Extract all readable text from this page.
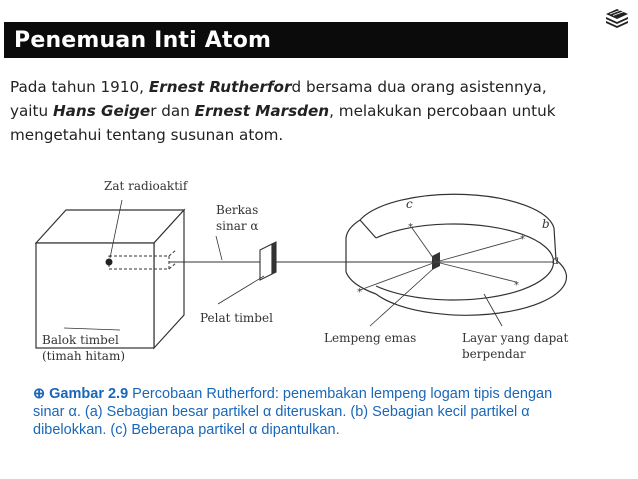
Penemuan Inti Atom
Pada tahun 1910, Ernest Rutherford bersama dua orang asistennya, yaitu Hans Geiger dan Ernest Marsden, melakukan percobaan untuk mengetahui tentang susunan atom.
*
*
*
*
Zat radioaktif
Berkas
sinar α
Pelat timbel
Lempeng emas	Layar yang dapat
berpendar
Balok timbel
(timah hitam)
c
b
a
⊕ Gambar 2.9 Percobaan Rutherford: penembakan lempeng logam tipis dengan sinar α. (a) Sebagian besar partikel α diteruskan. (b) Sebagian kecil partikel α dibelokkan. (c) Beberapa partikel α dipantulkan.
